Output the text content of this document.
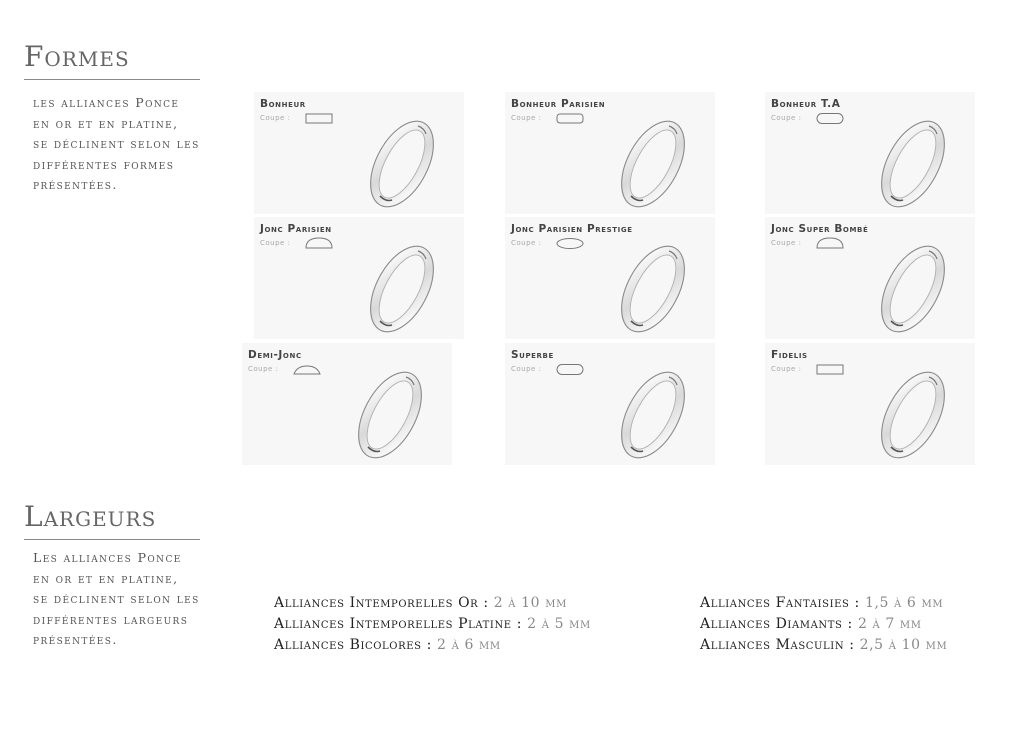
Formes
les alliances Ponce
en or et en platine,
se déclinent selon les
différentes formes
présentées.
Bonheur
Coupe :
Bonheur Parisien
Coupe :
Bonheur T.A
Coupe :
Jonc Parisien
Coupe :
Jonc Parisien Prestige
Coupe :
Jonc Super Bombé
Coupe :
Demi-Jonc
Coupe :
Superbe
Coupe :
Fidelis
Coupe :
Largeurs
Les alliances Ponce
en or et en platine,
se déclinent selon les
différentes largeurs
présentées.
Alliances Intemporelles Or : 2 à 10 mm
Alliances Intemporelles Platine : 2 à 5 mm
Alliances Bicolores : 2 à 6 mm
Alliances Fantaisies : 1,5 à 6 mm
Alliances Diamants : 2 à 7 mm
Alliances Masculin : 2,5 à 10 mm
